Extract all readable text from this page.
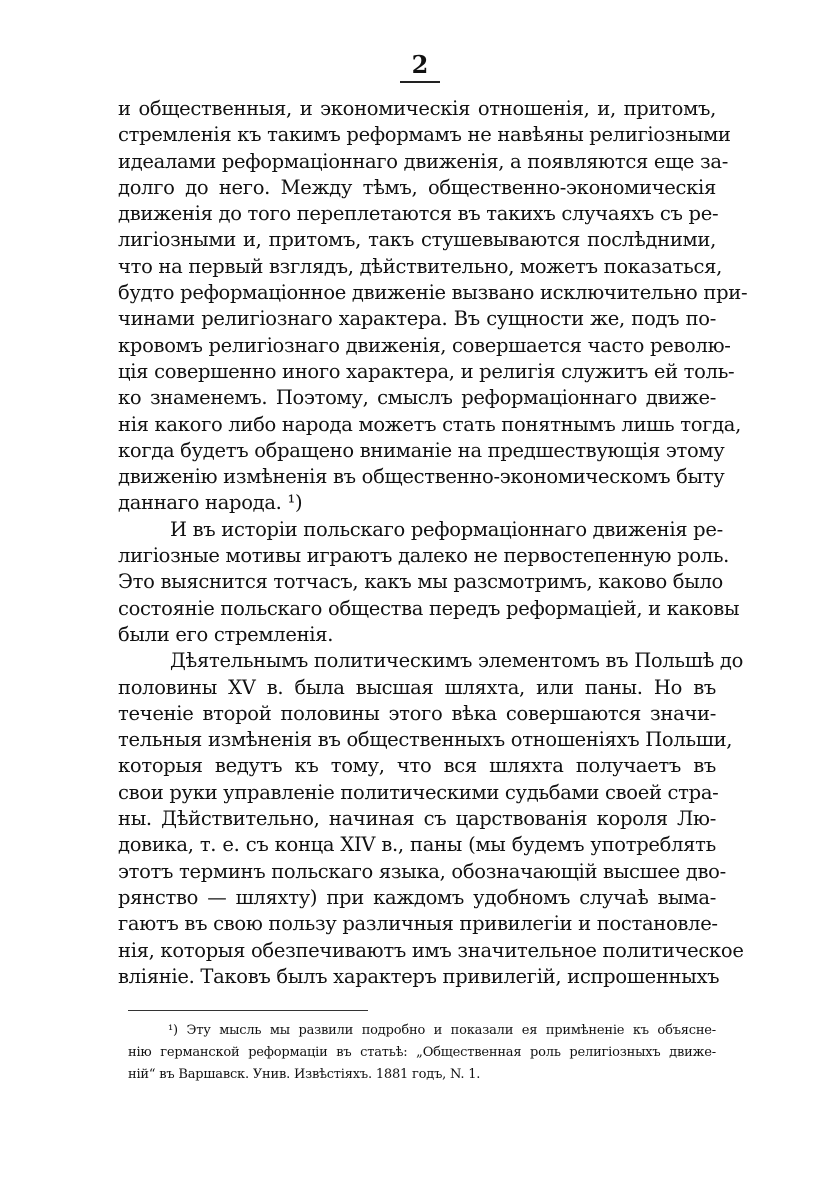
2
и общественныя, и экономическія отношенія, и, притомъ,
стремленія къ такимъ реформамъ не навѣяны религіозными
идеалами реформаціоннаго движенія, а появляются еще за-
долго до него. Между тѣмъ, общественно-экономическія
движенія до того переплетаются въ такихъ случаяхъ съ ре-
лигіозными и, притомъ, такъ стушевываются послѣдними,
что на первый взглядъ, дѣйствительно, можетъ показаться,
будто реформаціонное движеніе вызвано исключительно при-
чинами религіознаго характера. Въ сущности же, подъ по-
кровомъ религіознаго движенія, совершается часто револю-
ція совершенно иного характера, и религія служитъ ей толь-
ко знаменемъ. Поэтому, смыслъ реформаціоннаго движе-
нія какого либо народа можетъ стать понятнымъ лишь тогда,
когда будетъ обращено вниманіе на предшествующія этому
движенію измѣненія въ общественно-экономическомъ быту
даннаго народа. ¹)
И въ исторіи польскаго реформаціоннаго движенія ре-
лигіозные мотивы играютъ далеко не первостепенную роль.
Это выяснится тотчасъ, какъ мы разсмотримъ, каково было
состояніе польскаго общества передъ реформаціей, и каковы
были его стремленія.
Дѣятельнымъ политическимъ элементомъ въ Польшѣ до
половины XV в. была высшая шляхта, или паны. Но въ
теченіе второй половины этого вѣка совершаются значи-
тельныя измѣненія въ общественныхъ отношеніяхъ Польши,
которыя ведутъ къ тому, что вся шляхта получаетъ въ
свои руки управленіе политическими судьбами своей стра-
ны. Дѣйствительно, начиная съ царствованія короля Лю-
довика, т. е. съ конца XIV в., паны (мы будемъ употреблять
этотъ терминъ польскаго языка, обозначающій высшее дво-
рянство — шляхту) при каждомъ удобномъ случаѣ выма-
гаютъ въ свою пользу различныя привилегіи и постановле-
нія, которыя обезпечиваютъ имъ значительное политическое
вліяніе. Таковъ былъ характеръ привилегій, испрошенныхъ
¹) Эту мысль мы развили подробно и показали ея примѣненіе къ объясне-
нію германской реформаціи въ статьѣ: „Общественная роль религіозныхъ движе-
ній“ въ Варшавск. Унив. Извѣстіяхъ. 1881 годъ, N. 1.
